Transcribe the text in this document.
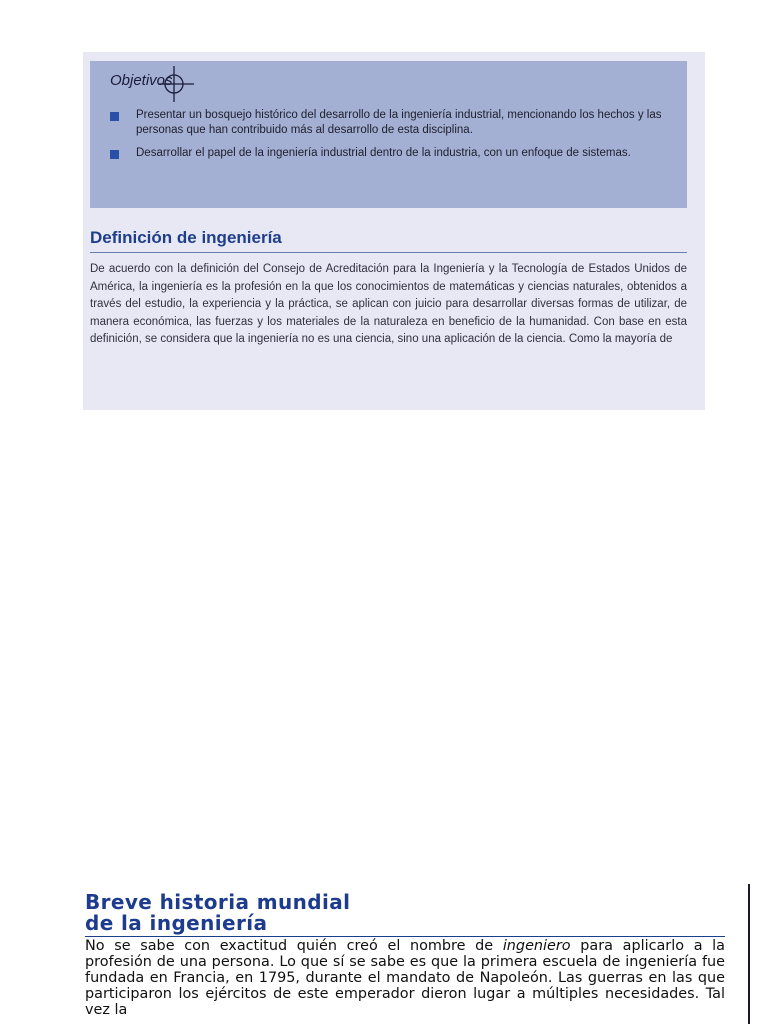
Objetivos

Presentar un bosquejo histórico del desarrollo de la ingeniería industrial, mencionando los hechos y las personas que han contribuido más al desarrollo de esta disciplina.
Desarrollar el papel de la ingeniería industrial dentro de la industria, con un enfoque de sistemas.
Definición de ingeniería

De acuerdo con la definición del Consejo de Acreditación para la Ingeniería y la Tecnología de Estados Unidos de América, la ingeniería es la profesión en la que los conocimientos de matemáticas y ciencias naturales, obtenidos a través del estudio, la experiencia y la práctica, se aplican con juicio para desarrollar diversas formas de utilizar, de manera económica, las fuerzas y los materiales de la naturaleza en beneficio de la humanidad. Con base en esta definición, se considera que la ingeniería no es una ciencia, sino una aplicación de la ciencia. Como la mayoría de

Breve historia mundial
de la ingeniería

No se sabe con exactitud quién creó el nombre de ingeniero para aplicarlo a la profesión de una persona. Lo que sí se sabe es que la primera escuela de ingeniería fue fundada en Francia, en 1795, durante el mandato de Napoleón. Las guerras en las que participaron los ejércitos de este emperador dieron lugar a múltiples necesidades. Tal vez la
